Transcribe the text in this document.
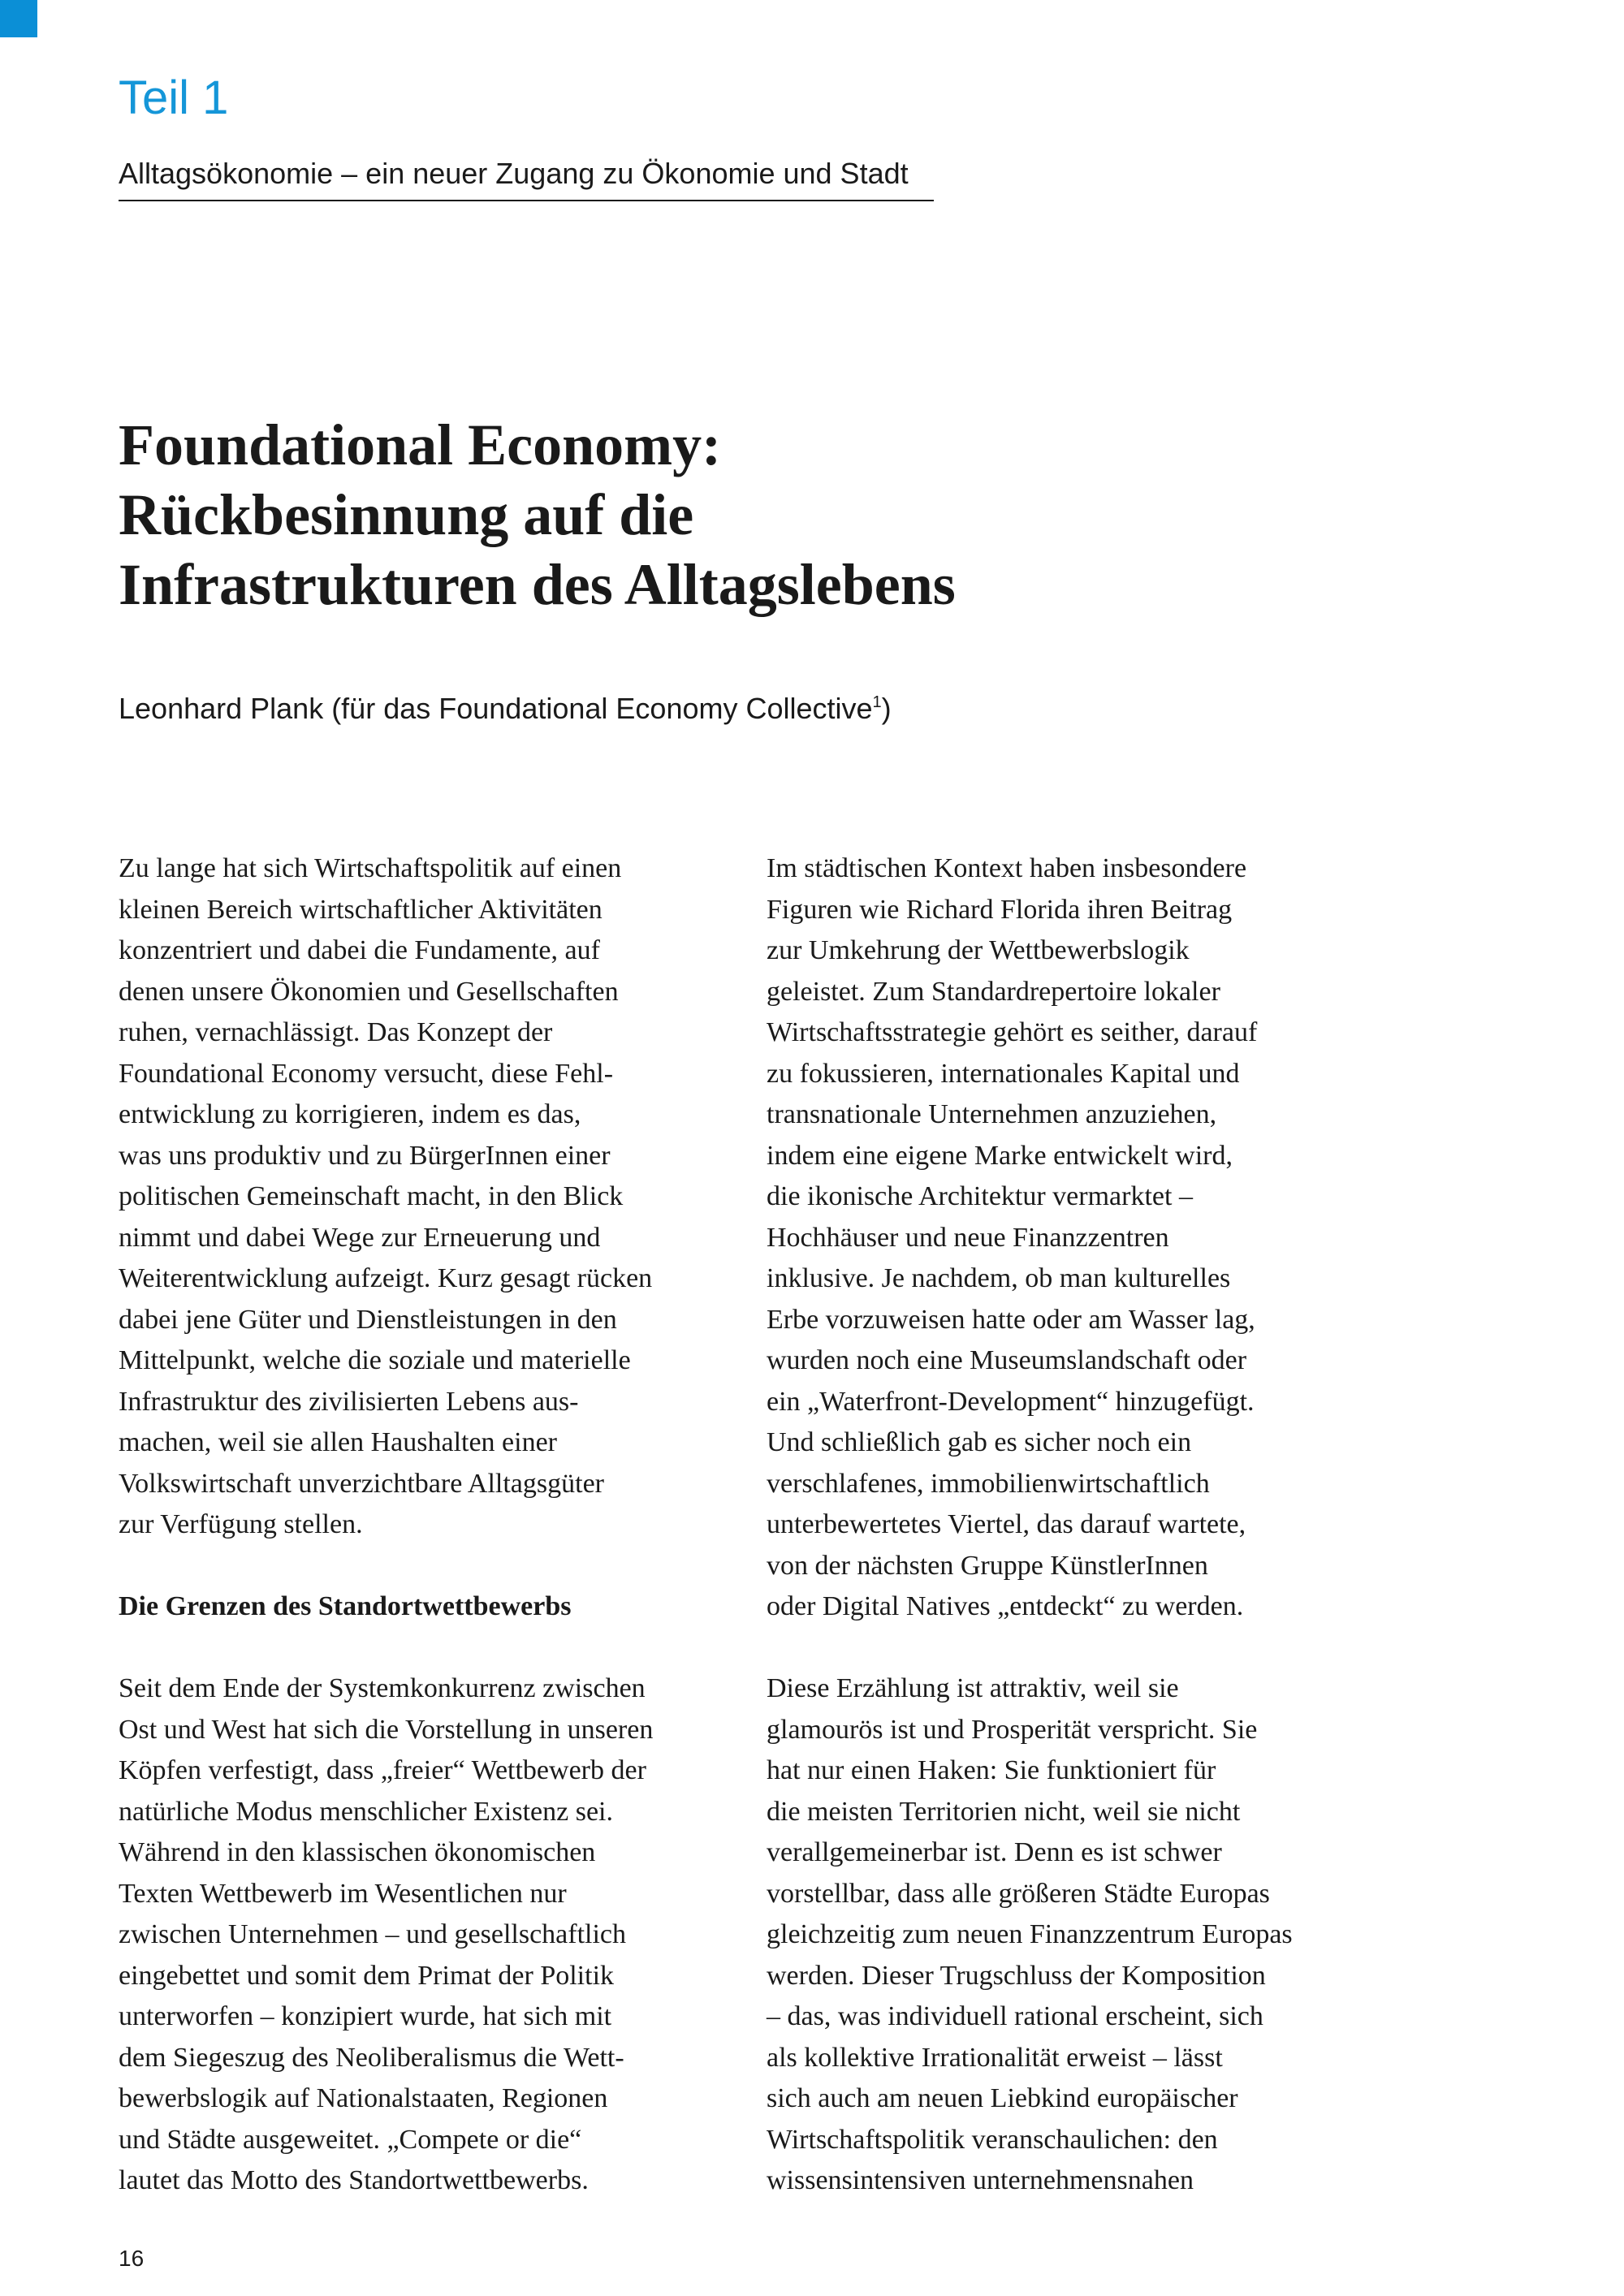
Teil 1
Alltagsökonomie – ein neuer Zugang zu Ökonomie und Stadt
Foundational Economy:
Rückbesinnung auf die
Infrastrukturen des Alltagslebens
Leonhard Plank (für das Foundational Economy Collective$^1$)
Zu lange hat sich Wirtschaftspolitik auf einen
kleinen Bereich wirtschaftlicher Aktivitäten
konzentriert und dabei die Fundamente, auf
denen unsere Ökonomien und Gesellschaften
ruhen, vernachlässigt. Das Konzept der
Foundational Economy versucht, diese Fehl-
entwicklung zu korrigieren, indem es das,
was uns produktiv und zu BürgerInnen einer
politischen Gemeinschaft macht, in den Blick
nimmt und dabei Wege zur Erneuerung und
Weiterentwicklung aufzeigt. Kurz gesagt rücken
dabei jene Güter und Dienstleistungen in den
Mittelpunkt, welche die soziale und materielle
Infrastruktur des zivilisierten Lebens aus-
machen, weil sie allen Haushalten einer
Volkswirtschaft unverzichtbare Alltagsgüter
zur Verfügung stellen.
Die Grenzen des Standortwettbewerbs
Seit dem Ende der Systemkonkurrenz zwischen
Ost und West hat sich die Vorstellung in unseren
Köpfen verfestigt, dass „freier“ Wettbewerb der
natürliche Modus menschlicher Existenz sei.
Während in den klassischen ökonomischen
Texten Wettbewerb im Wesentlichen nur
zwischen Unternehmen – und gesellschaftlich
eingebettet und somit dem Primat der Politik
unterworfen – konzipiert wurde, hat sich mit
dem Siegeszug des Neoliberalismus die Wett-
bewerbslogik auf Nationalstaaten, Regionen
und Städte ausgeweitet. „Compete or die“
lautet das Motto des Standortwettbewerbs.
Im städtischen Kontext haben insbesondere
Figuren wie Richard Florida ihren Beitrag
zur Umkehrung der Wettbewerbslogik
geleistet. Zum Standardrepertoire lokaler
Wirtschaftsstrategie gehört es seither, darauf
zu fokussieren, internationales Kapital und
transnationale Unternehmen anzuziehen,
indem eine eigene Marke entwickelt wird,
die ikonische Architektur vermarktet –
Hochhäuser und neue Finanzzentren
inklusive. Je nachdem, ob man kulturelles
Erbe vorzuweisen hatte oder am Wasser lag,
wurden noch eine Museumslandschaft oder
ein „Waterfront-Development“ hinzugefügt.
Und schließlich gab es sicher noch ein
verschlafenes, immobilienwirtschaftlich
unterbewertetes Viertel, das darauf wartete,
von der nächsten Gruppe KünstlerInnen
oder Digital Natives „entdeckt“ zu werden.
Diese Erzählung ist attraktiv, weil sie
glamourös ist und Prosperität verspricht. Sie
hat nur einen Haken: Sie funktioniert für
die meisten Territorien nicht, weil sie nicht
verallgemeinerbar ist. Denn es ist schwer
vorstellbar, dass alle größeren Städte Europas
gleichzeitig zum neuen Finanzzentrum Europas
werden. Dieser Trugschluss der Komposition
– das, was individuell rational erscheint, sich
als kollektive Irrationalität erweist – lässt
sich auch am neuen Liebkind europäischer
Wirtschaftspolitik veranschaulichen: den
wissensintensiven unternehmensnahen
16
